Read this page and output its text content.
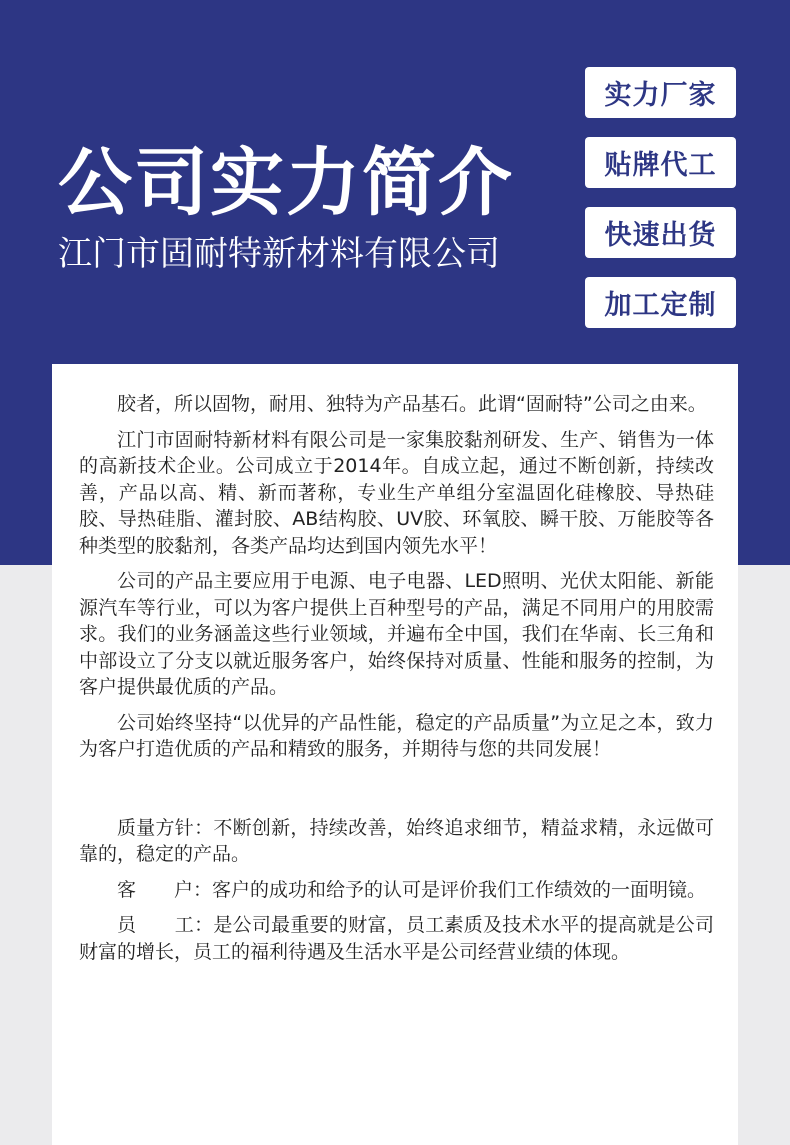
公司实力简介
江门市固耐特新材料有限公司
实力厂家
贴牌代工
快速出货
加工定制

胶者，所以固物，耐用、独特为产品基石。此谓“固耐特”公司之由来。

江门市固耐特新材料有限公司是一家集胶黏剂研发、生产、销售为一体的高新技术企业。公司成立于2014年。自成立起，通过不断创新，持续改善，产品以高、精、新而著称，专业生产单组分室温固化硅橡胶、导热硅胶、导热硅脂、灌封胶、AB结构胶、UV胶、环氧胶、瞬干胶、万能胶等各种类型的胶黏剂，各类产品均达到国内领先水平！

公司的产品主要应用于电源、电子电器、LED照明、光伏太阳能、新能源汽车等行业，可以为客户提供上百种型号的产品，满足不同用户的用胶需求。我们的业务涵盖这些行业领域，并遍布全中国，我们在华南、长三角和中部设立了分支以就近服务客户，始终保持对质量、性能和服务的控制，为客户提供最优质的产品。

公司始终坚持“以优异的产品性能，稳定的产品质量”为立足之本，致力为客户打造优质的产品和精致的服务，并期待与您的共同发展！

质量方针：不断创新，持续改善，始终追求细节，精益求精，永远做可靠的，稳定的产品。

客　　户：客户的成功和给予的认可是评价我们工作绩效的一面明镜。

员　　工：是公司最重要的财富，员工素质及技术水平的提高就是公司财富的增长，员工的福利待遇及生活水平是公司经营业绩的体现。
